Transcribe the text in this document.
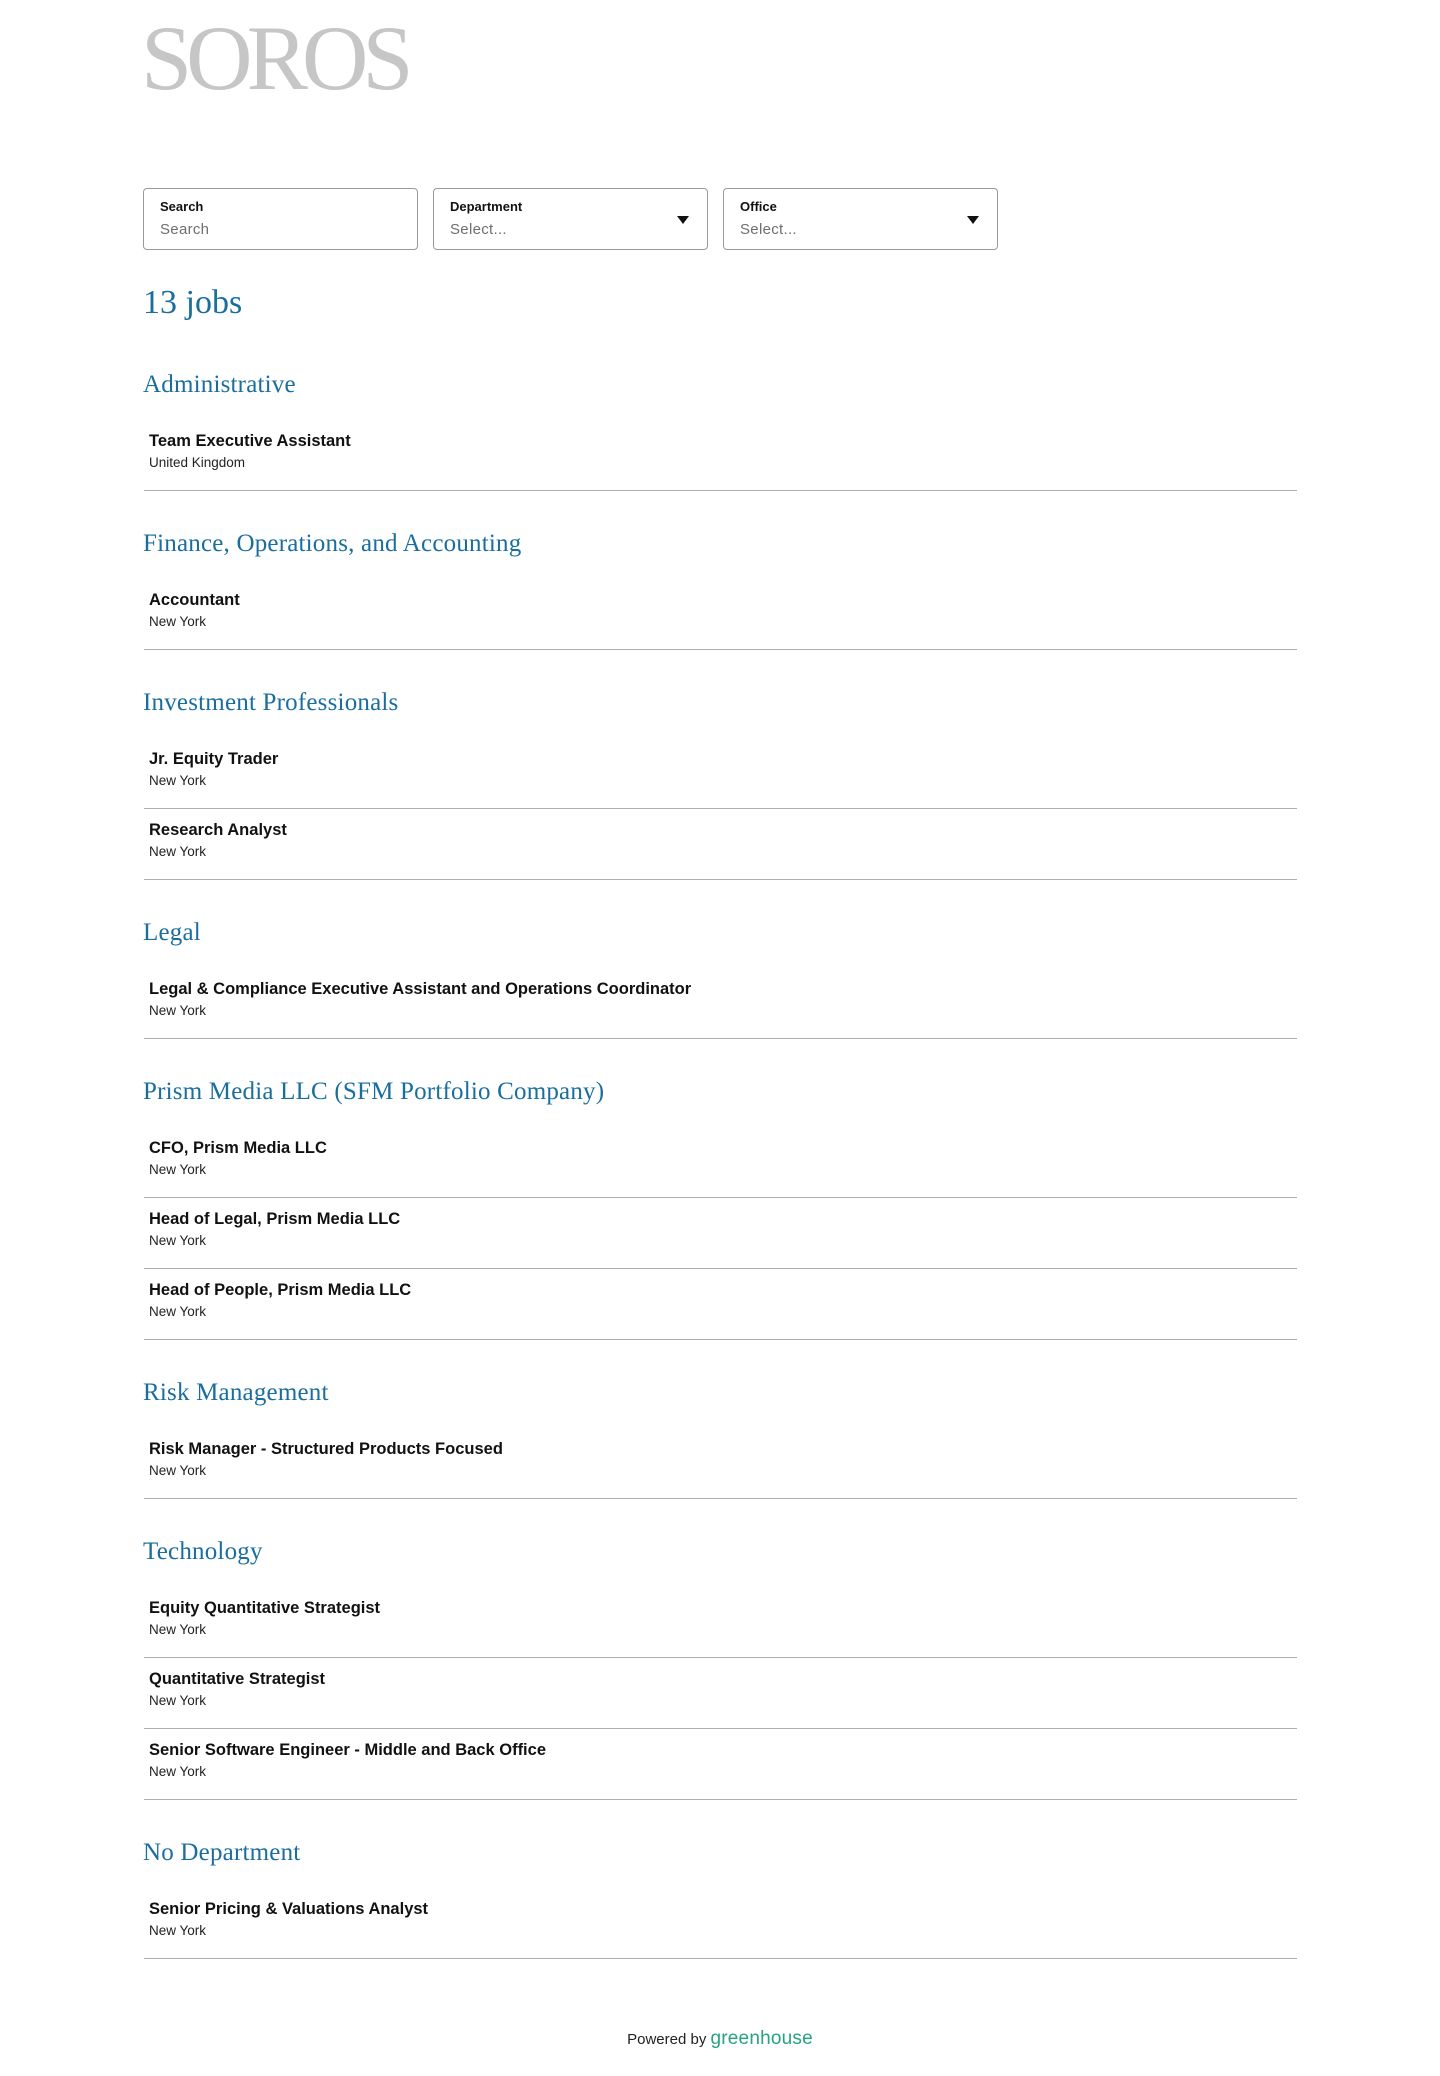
SOROS
Search
Search
Department
Select...
Office
Select...
13 jobs
Administrative
Team Executive Assistant
United Kingdom
Finance, Operations, and Accounting
Accountant
New York
Investment Professionals
Jr. Equity Trader
New York
Research Analyst
New York
Legal
Legal & Compliance Executive Assistant and Operations Coordinator
New York
Prism Media LLC (SFM Portfolio Company)
CFO, Prism Media LLC
New York
Head of Legal, Prism Media LLC
New York
Head of People, Prism Media LLC
New York
Risk Management
Risk Manager - Structured Products Focused
New York
Technology
Equity Quantitative Strategist
New York
Quantitative Strategist
New York
Senior Software Engineer - Middle and Back Office
New York
No Department
Senior Pricing & Valuations Analyst
New York
Powered by greenhouse
